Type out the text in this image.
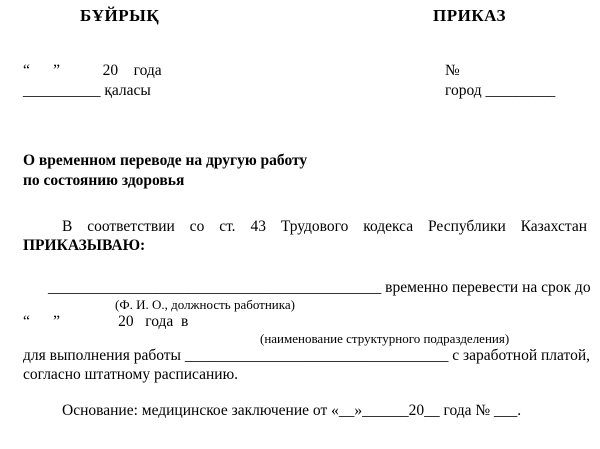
БҰЙРЫҚ	ПРИКАЗ
“      ”           20    года	№
__________ қаласы	город _________
О временном переводе на другую работу
по состоянию здоровья
В соответствии со ст. 43 Трудового кодекса Республики Казахстан
ПРИКАЗЫВАЮ:
___________________________________________ временно перевести на срок до
(Ф. И. О., должность работника)
“      ”               20   года  в
(наименование структурного подразделения)
для выполнения работы __________________________________ с заработной платой,
согласно штатному расписанию.
Основание: медицинское заключение от «__»______20__ года № ___.
